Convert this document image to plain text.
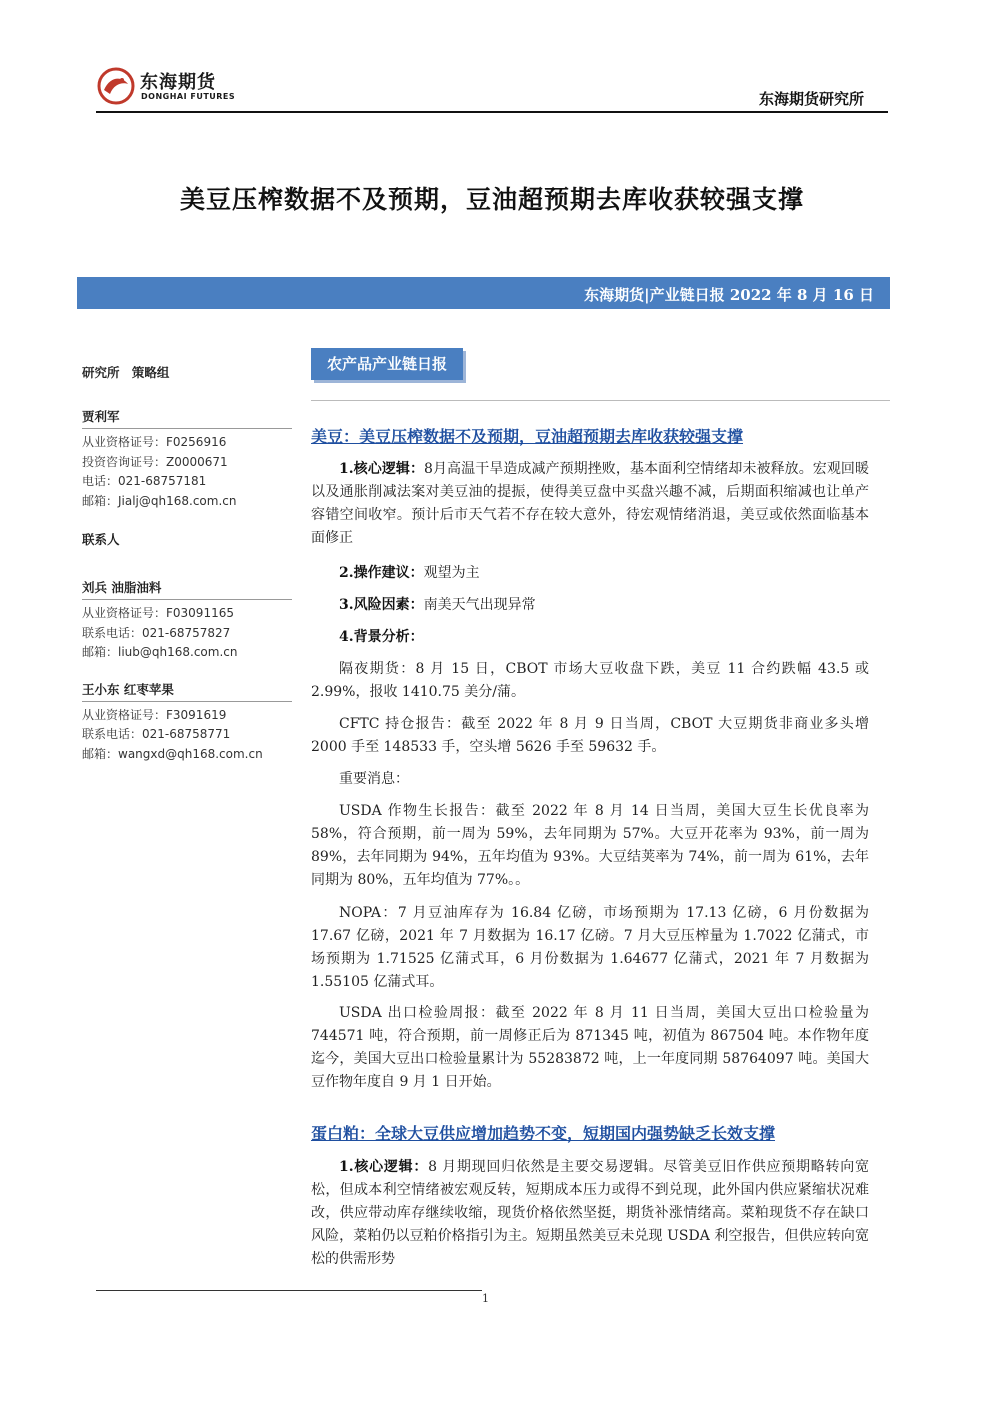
东海期货
DONGHAI FUTURES	东海期货研究所
美豆压榨数据不及预期，豆油超预期去库收获较强支撑
东海期货|产业链日报 2022 年 8 月 16 日
研究所 策略组
贾利军
从业资格证号：F0256916
投资咨询证号：Z0000671
电话：021-68757181
邮箱：Jialj@qh168.com.cn
联系人
刘兵 油脂油料
从业资格证号：F03091165
联系电话：021-68757827
邮箱：liub@qh168.com.cn
王小东 红枣苹果
从业资格证号：F3091619
联系电话：021-68758771
邮箱：wangxd@qh168.com.cn
农产品产业链日报
美豆：美豆压榨数据不及预期，豆油超预期去库收获较强支撑
1.核心逻辑：8月高温干旱造成减产预期挫败，基本面利空情绪却未被释放。宏观回暖以及通胀削减法案对美豆油的提振，使得美豆盘中买盘兴趣不减，后期面积缩减也让单产容错空间收窄。预计后市天气若不存在较大意外，待宏观情绪消退，美豆或依然面临基本面修正
2.操作建议：观望为主
3.风险因素：南美天气出现异常
4.背景分析：
隔夜期货：8 月 15 日，CBOT 市场大豆收盘下跌，美豆 11 合约跌幅 43.5 或 2.99%，报收 1410.75 美分/蒲。
CFTC 持仓报告：截至 2022 年 8 月 9 日当周，CBOT 大豆期货非商业多头增 2000 手至 148533 手，空头增 5626 手至 59632 手。
重要消息：
USDA 作物生长报告：截至 2022 年 8 月 14 日当周，美国大豆生长优良率为 58%，符合预期，前一周为 59%，去年同期为 57%。大豆开花率为 93%，前一周为 89%，去年同期为 94%，五年均值为 93%。大豆结荚率为 74%，前一周为 61%，去年同期为 80%，五年均值为 77%。。
NOPA：7 月豆油库存为 16.84 亿磅，市场预期为 17.13 亿磅，6 月份数据为 17.67 亿磅，2021 年 7 月数据为 16.17 亿磅。7 月大豆压榨量为 1.7022 亿蒲式，市场预期为 1.71525 亿蒲式耳，6 月份数据为 1.64677 亿蒲式，2021 年 7 月数据为 1.55105 亿蒲式耳。
USDA 出口检验周报：截至 2022 年 8 月 11 日当周，美国大豆出口检验量为 744571 吨，符合预期，前一周修正后为 871345 吨，初值为 867504 吨。本作物年度迄今，美国大豆出口检验量累计为 55283872 吨，上一年度同期 58764097 吨。美国大豆作物年度自 9 月 1 日开始。
蛋白粕：全球大豆供应增加趋势不变，短期国内强势缺乏长效支撑
1.核心逻辑：8 月期现回归依然是主要交易逻辑。尽管美豆旧作供应预期略转向宽松，但成本利空情绪被宏观反转，短期成本压力或得不到兑现，此外国内供应紧缩状况难改，供应带动库存继续收缩，现货价格依然坚挺，期货补涨情绪高。菜粕现货不存在缺口风险，菜粕仍以豆粕价格指引为主。短期虽然美豆未兑现 USDA 利空报告，但供应转向宽松的供需形势
1
